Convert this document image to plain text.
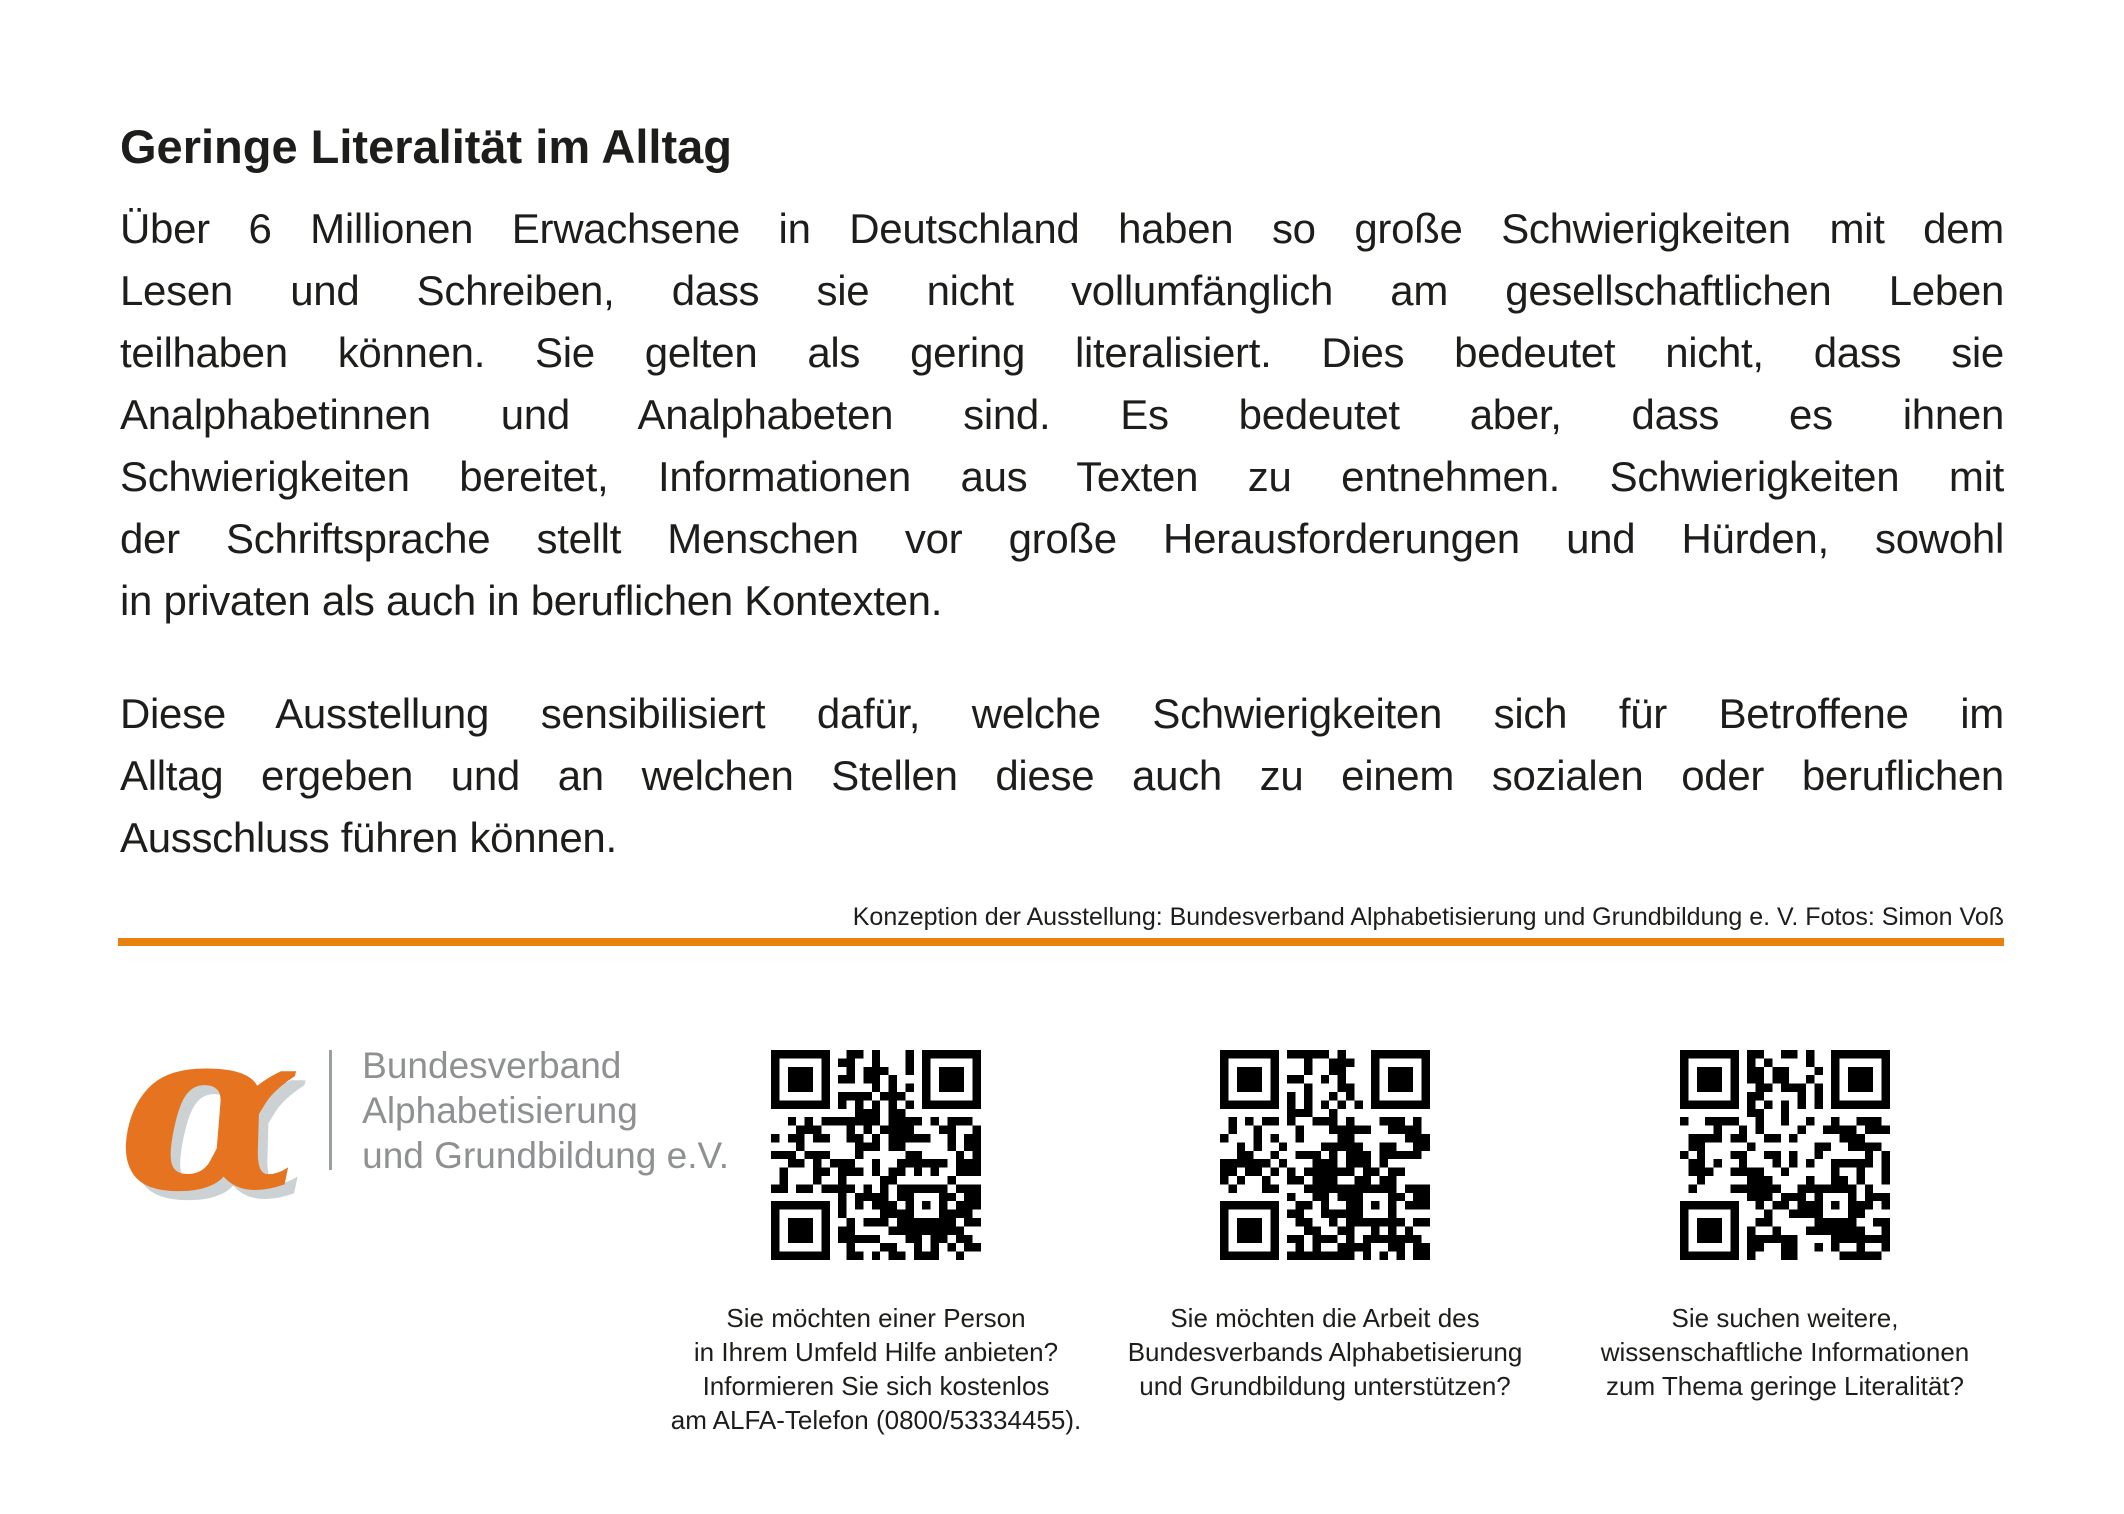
Geringe Literalität im Alltag
Über 6 Millionen Erwachsene in Deutschland haben so große Schwierigkeiten mit dem
Lesen und Schreiben, dass sie nicht vollumfänglich am gesellschaftlichen Leben
teilhaben können. Sie gelten als gering literalisiert. Dies bedeutet nicht, dass sie
Analphabetinnen und Analphabeten sind. Es bedeutet aber, dass es ihnen
Schwierigkeiten bereitet, Informationen aus Texten zu entnehmen. Schwierigkeiten mit
der Schriftsprache stellt Menschen vor große Herausforderungen und Hürden, sowohl
in privaten als auch in beruflichen Kontexten.
Diese Ausstellung sensibilisiert dafür, welche Schwierigkeiten sich für Betroffene im
Alltag ergeben und an welchen Stellen diese auch zu einem sozialen oder beruflichen
Ausschluss führen können.
Konzeption der Ausstellung: Bundesverband Alphabetisierung und Grundbildung e. V. Fotos: Simon Voß
α Bundesverband
Alphabetisierung
und Grundbildung e.V.
Sie möchten einer Person
in Ihrem Umfeld Hilfe anbieten?
Informieren Sie sich kostenlos
am ALFA-Telefon (0800/53334455).
Sie möchten die Arbeit des
Bundesverbands Alphabetisierung
und Grundbildung unterstützen?
Sie suchen weitere,
wissenschaftliche Informationen
zum Thema geringe Literalität?
